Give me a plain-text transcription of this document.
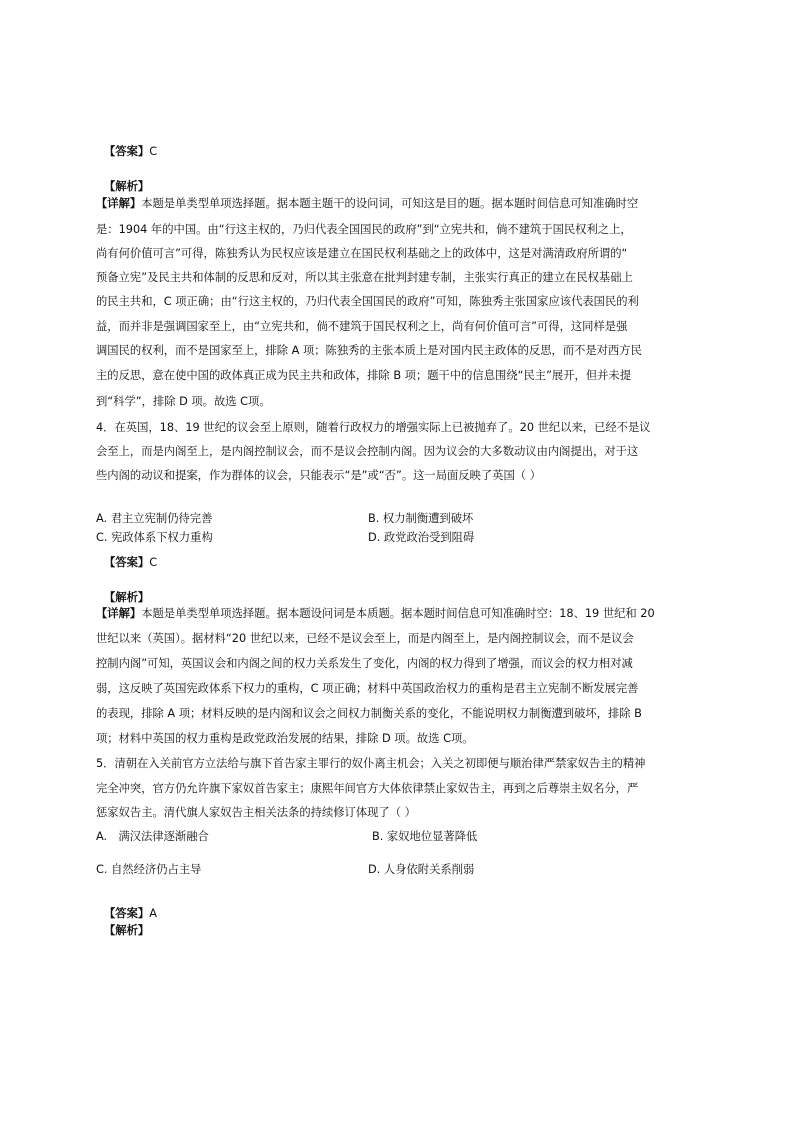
【答案】C
【解析】
【详解】本题是单类型单项选择题。据本题主题干的设问词，可知这是目的题。据本题时间信息可知准确时空
是：1904 年的中国。由“行这主权的，乃归代表全国国民的政府”到“立宪共和，倘不建筑于国民权利之上，
尚有何价值可言”可得，陈独秀认为民权应该是建立在国民权利基础之上的政体中，这是对满清政府所谓的“
预备立宪”及民主共和体制的反思和反对，所以其主张意在批判封建专制，主张实行真正的建立在民权基础上
的民主共和，C 项正确；由“行这主权的，乃归代表全国国民的政府”可知，陈独秀主张国家应该代表国民的利
益，而并非是强调国家至上，由“立宪共和，倘不建筑于国民权利之上，尚有何价值可言”可得，这同样是强
调国民的权利，而不是国家至上，排除 A 项；陈独秀的主张本质上是对国内民主政体的反思，而不是对西方民
主的反思，意在使中国的政体真正成为民主共和政体，排除 B 项；题干中的信息围绕“民主”展开，但并未提
到“科学”，排除 D 项。故选 C项。
4．在英国，18、19 世纪的议会至上原则，随着行政权力的增强实际上已被抛弃了。20 世纪以来，已经不是议
会至上，而是内阁至上，是内阁控制议会，而不是议会控制内阁。因为议会的大多数动议由内阁提出，对于这
些内阁的动议和提案，作为群体的议会，只能表示“是”或“否”。这一局面反映了英国（ ）
A. 君主立宪制仍待完善	B. 权力制衡遭到破坏
C. 宪政体系下权力重构	D. 政党政治受到阻碍
【答案】C
【解析】
【详解】本题是单类型单项选择题。据本题设问词是本质题。据本题时间信息可知准确时空：18、19 世纪和 20
世纪以来（英国）。据材料“20 世纪以来，已经不是议会至上，而是内阁至上，是内阁控制议会，而不是议会
控制内阁”可知，英国议会和内阁之间的权力关系发生了变化，内阁的权力得到了增强，而议会的权力相对减
弱，这反映了英国宪政体系下权力的重构，C 项正确；材料中英国政治权力的重构是君主立宪制不断发展完善
的表现，排除 A 项；材料反映的是内阁和议会之间权力制衡关系的变化，不能说明权力制衡遭到破坏，排除 B
项；材料中英国的权力重构是政党政治发展的结果，排除 D 项。故选 C项。
5．清朝在入关前官方立法给与旗下首告家主罪行的奴仆离主机会；入关之初即便与顺治律严禁家奴告主的精神
完全冲突，官方仍允许旗下家奴首告家主；康熙年间官方大体依律禁止家奴告主，再到之后尊崇主奴名分，严
惩家奴告主。清代旗人家奴告主相关法条的持续修订体现了（ ）
A.　满汉法律逐渐融合	B. 家奴地位显著降低
C. 自然经济仍占主导	D. 人身依附关系削弱
【答案】A
【解析】
